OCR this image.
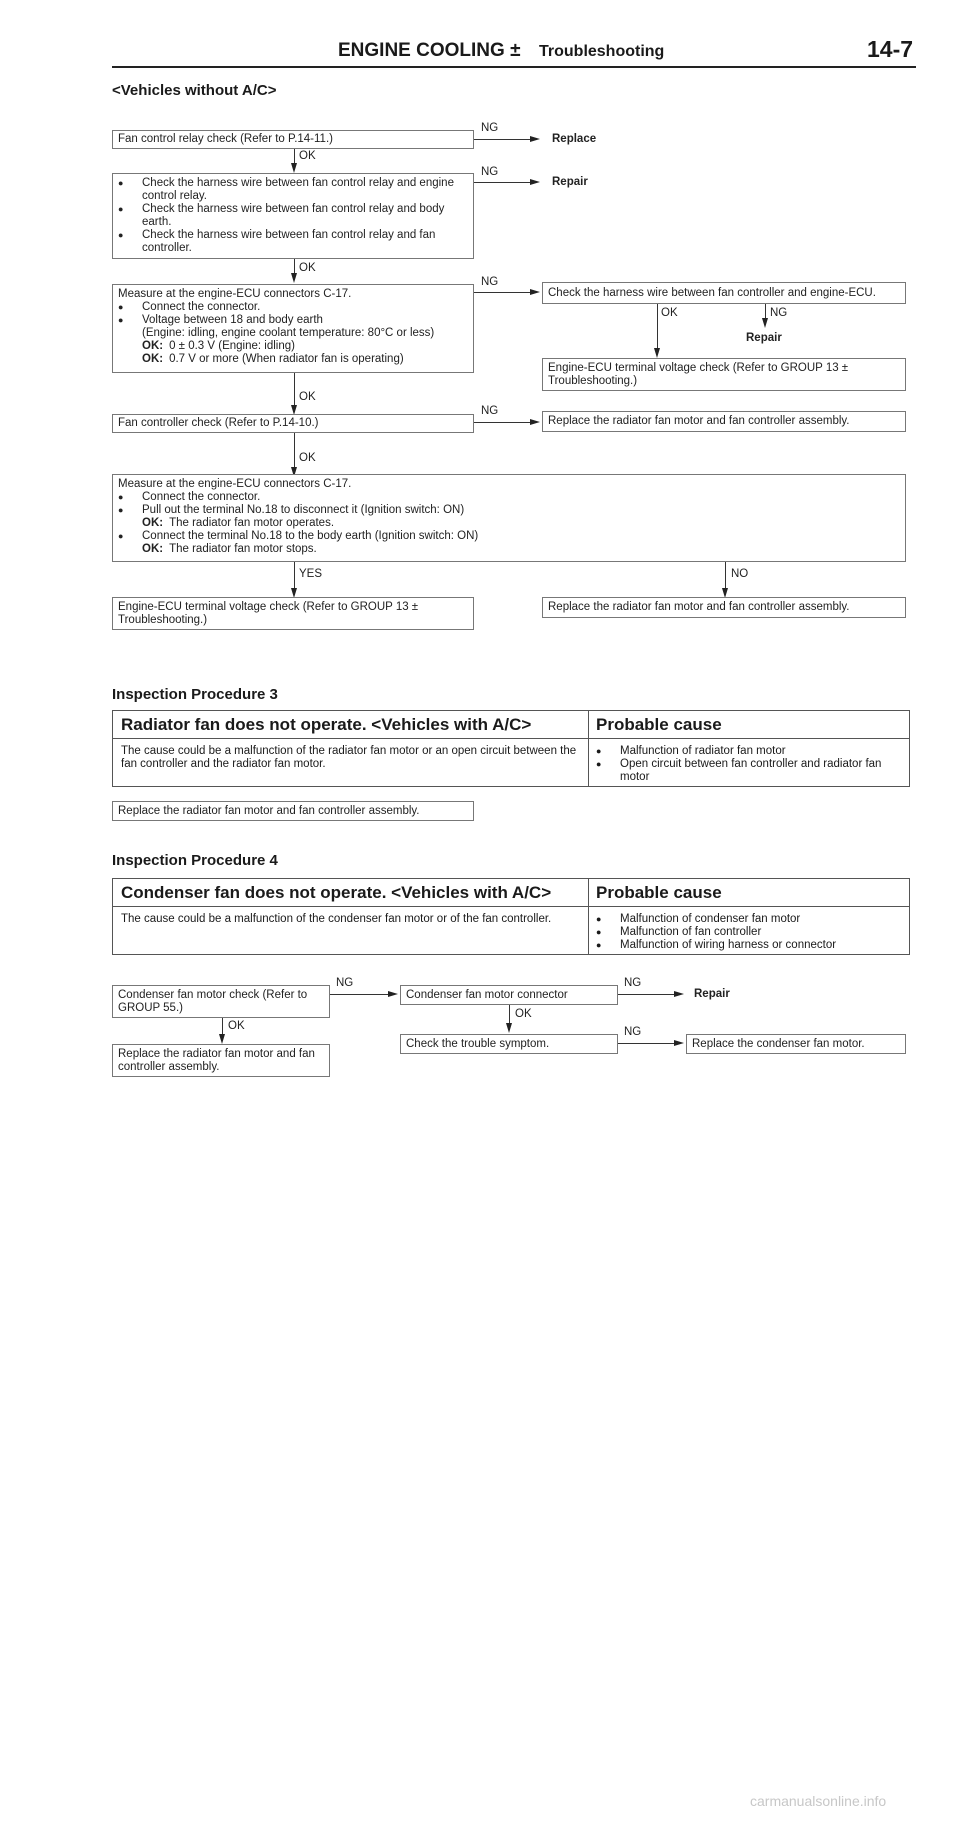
ENGINE COOLING ± Troubleshooting	14-7
<Vehicles without A/C>
Fan control relay check (Refer to P.14-11.)
NG
Replace
OK
● Check the harness wire between fan control relay and engine control relay.
● Check the harness wire between fan control relay and body earth.
● Check the harness wire between fan control relay and fan controller.
NG
Repair
OK
Measure at the engine-ECU connectors C-17.
● Connect the connector.
● Voltage between 18 and body earth
(Engine: idling, engine coolant temperature: 80°C or less)
OK: 0 ± 0.3 V (Engine: idling)
OK: 0.7 V or more (When radiator fan is operating)
NG
Check the harness wire between fan controller and engine-ECU.
OK	NG
Repair
Engine-ECU terminal voltage check (Refer to GROUP 13 ± Troubleshooting.)
OK
Fan controller check (Refer to P.14-10.)
NG
Replace the radiator fan motor and fan controller assembly.
OK
Measure at the engine-ECU connectors C-17.
● Connect the connector.
● Pull out the terminal No.18 to disconnect it (Ignition switch: ON)
OK: The radiator fan motor operates.
● Connect the terminal No.18 to the body earth (Ignition switch: ON)
OK: The radiator fan motor stops.
YES	NO
Engine-ECU terminal voltage check (Refer to GROUP 13 ± Troubleshooting.)
Replace the radiator fan motor and fan controller assembly.
Inspection Procedure 3
Radiator fan does not operate. <Vehicles with A/C>	Probable cause
The cause could be a malfunction of the radiator fan motor or an open circuit between the fan controller and the radiator fan motor.
● Malfunction of radiator fan motor
● Open circuit between fan controller and radiator fan motor
Replace the radiator fan motor and fan controller assembly.
Inspection Procedure 4
Condenser fan does not operate. <Vehicles with A/C>	Probable cause
The cause could be a malfunction of the condenser fan motor or of the fan controller.
●	Malfunction of condenser fan motor
● Malfunction of fan controller
● Malfunction of wiring harness or connector
Condenser fan motor check (Refer to GROUP 55.)
NG
Condenser fan motor connector
NG
Repair
OK
OK
Replace the radiator fan motor and fan controller assembly.
Check the trouble symptom.
NG
Replace the condenser fan motor.
carmanualsonline.info
